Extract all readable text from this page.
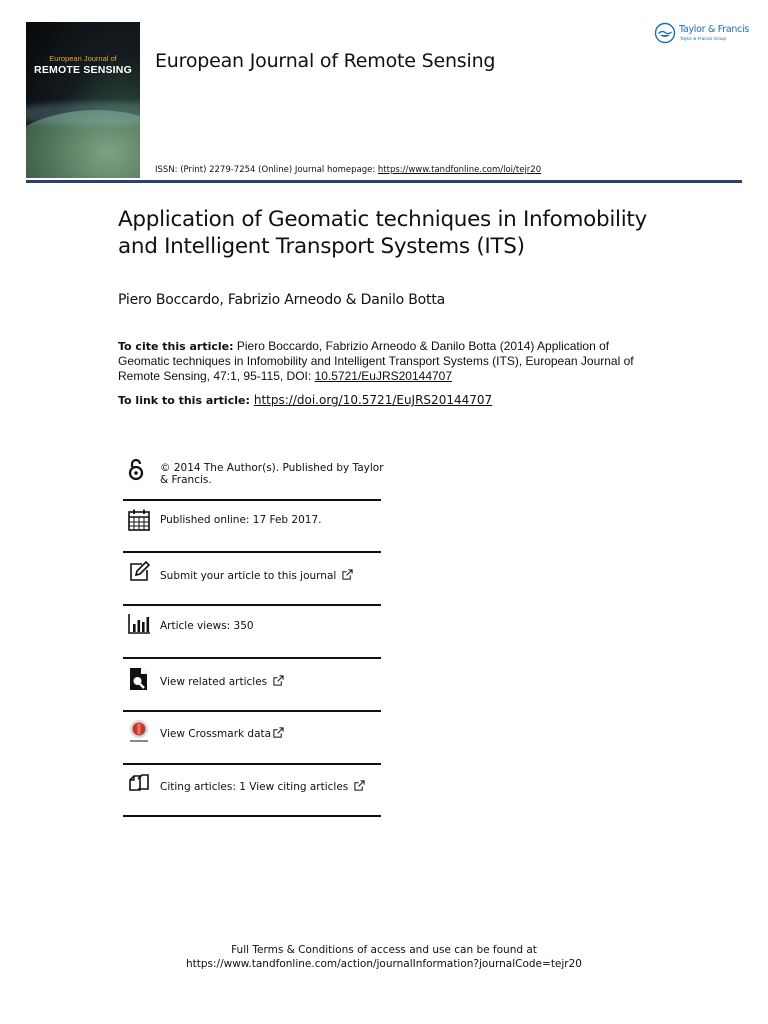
European Journal of
REMOTE SENSING	European Journal of Remote Sensing
ISSN: (Print) 2279-7254 (Online) Journal homepage: https://www.tandfonline.com/loi/tejr20
Taylor & Francis
Taylor & Francis Group
Application of Geomatic techniques in Infomobility and Intelligent Transport Systems (ITS)
Piero Boccardo, Fabrizio Arneodo & Danilo Botta
To cite this article: Piero Boccardo, Fabrizio Arneodo & Danilo Botta (2014) Application of Geomatic techniques in Infomobility and Intelligent Transport Systems (ITS), European Journal of Remote Sensing, 47:1, 95-115, DOI: 10.5721/EuJRS20144707
To link to this article: https://doi.org/10.5721/EuJRS20144707
© 2014 The Author(s). Published by Taylor & Francis.
Published online: 17 Feb 2017.
Submit your article to this journal
Article views: 350
View related articles
View Crossmark data
Citing articles: 1 View citing articles
Full Terms & Conditions of access and use can be found at
https://www.tandfonline.com/action/journalInformation?journalCode=tejr20
